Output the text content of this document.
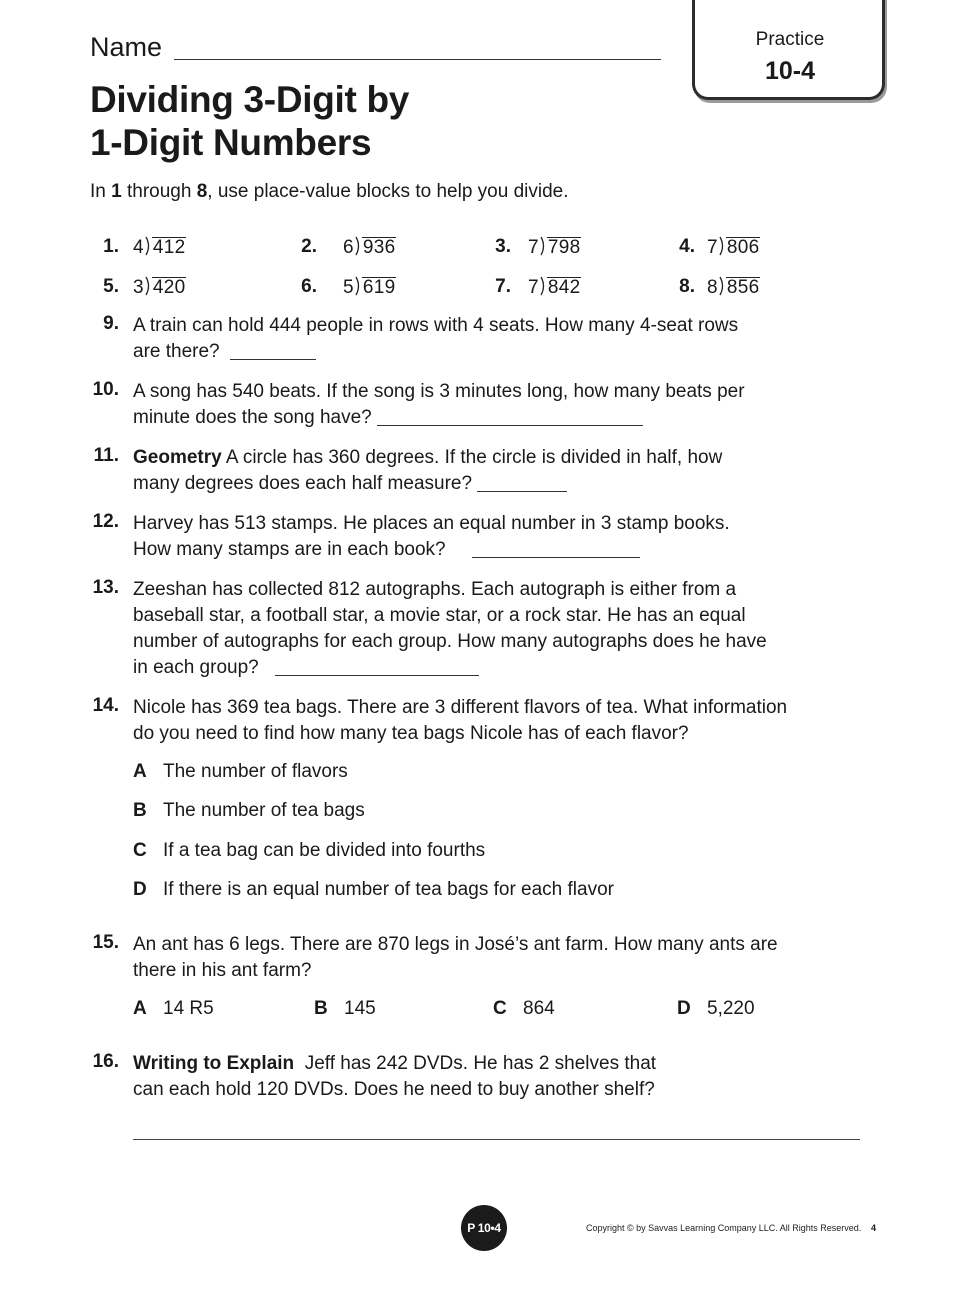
Name	Practice
10-4
Dividing 3-Digit by
1-Digit Numbers
In 1 through 8, use place-value blocks to help you divide.
1. 4 412	2. 6 936	3. 7 798	4. 7 806
5. 3 420	6. 5 619	7. 7 842	8. 8 856
9. A train can hold 444 people in rows with 4 seats. How many 4-seat rows
are there?
10. A song has 540 beats. If the song is 3 minutes long, how many beats per
minute does the song have?
11. Geometry A circle has 360 degrees. If the circle is divided in half, how
many degrees does each half measure?
12. Harvey has 513 stamps. He places an equal number in 3 stamp books.
How many stamps are in each book?
13. Zeeshan has collected 812 autographs. Each autograph is either from a
baseball star, a football star, a movie star, or a rock star. He has an equal
number of autographs for each group. How many autographs does he have
in each group?
14. Nicole has 369 tea bags. There are 3 different flavors of tea. What information
do you need to find how many tea bags Nicole has of each flavor?
A The number of flavors
B The number of tea bags
C If a tea bag can be divided into fourths
D If there is an equal number of tea bags for each flavor
15. An ant has 6 legs. There are 870 legs in José’s ant farm. How many ants are
there in his ant farm?
A 14 R5	B 145	C 864	D 5,220
16. Writing to Explain  Jeff has 242 DVDs. He has 2 shelves that
can each hold 120 DVDs. Does he need to buy another shelf?
P 10•4	Copyright © by Savvas Learning Company LLC. All Rights Reserved. 4
